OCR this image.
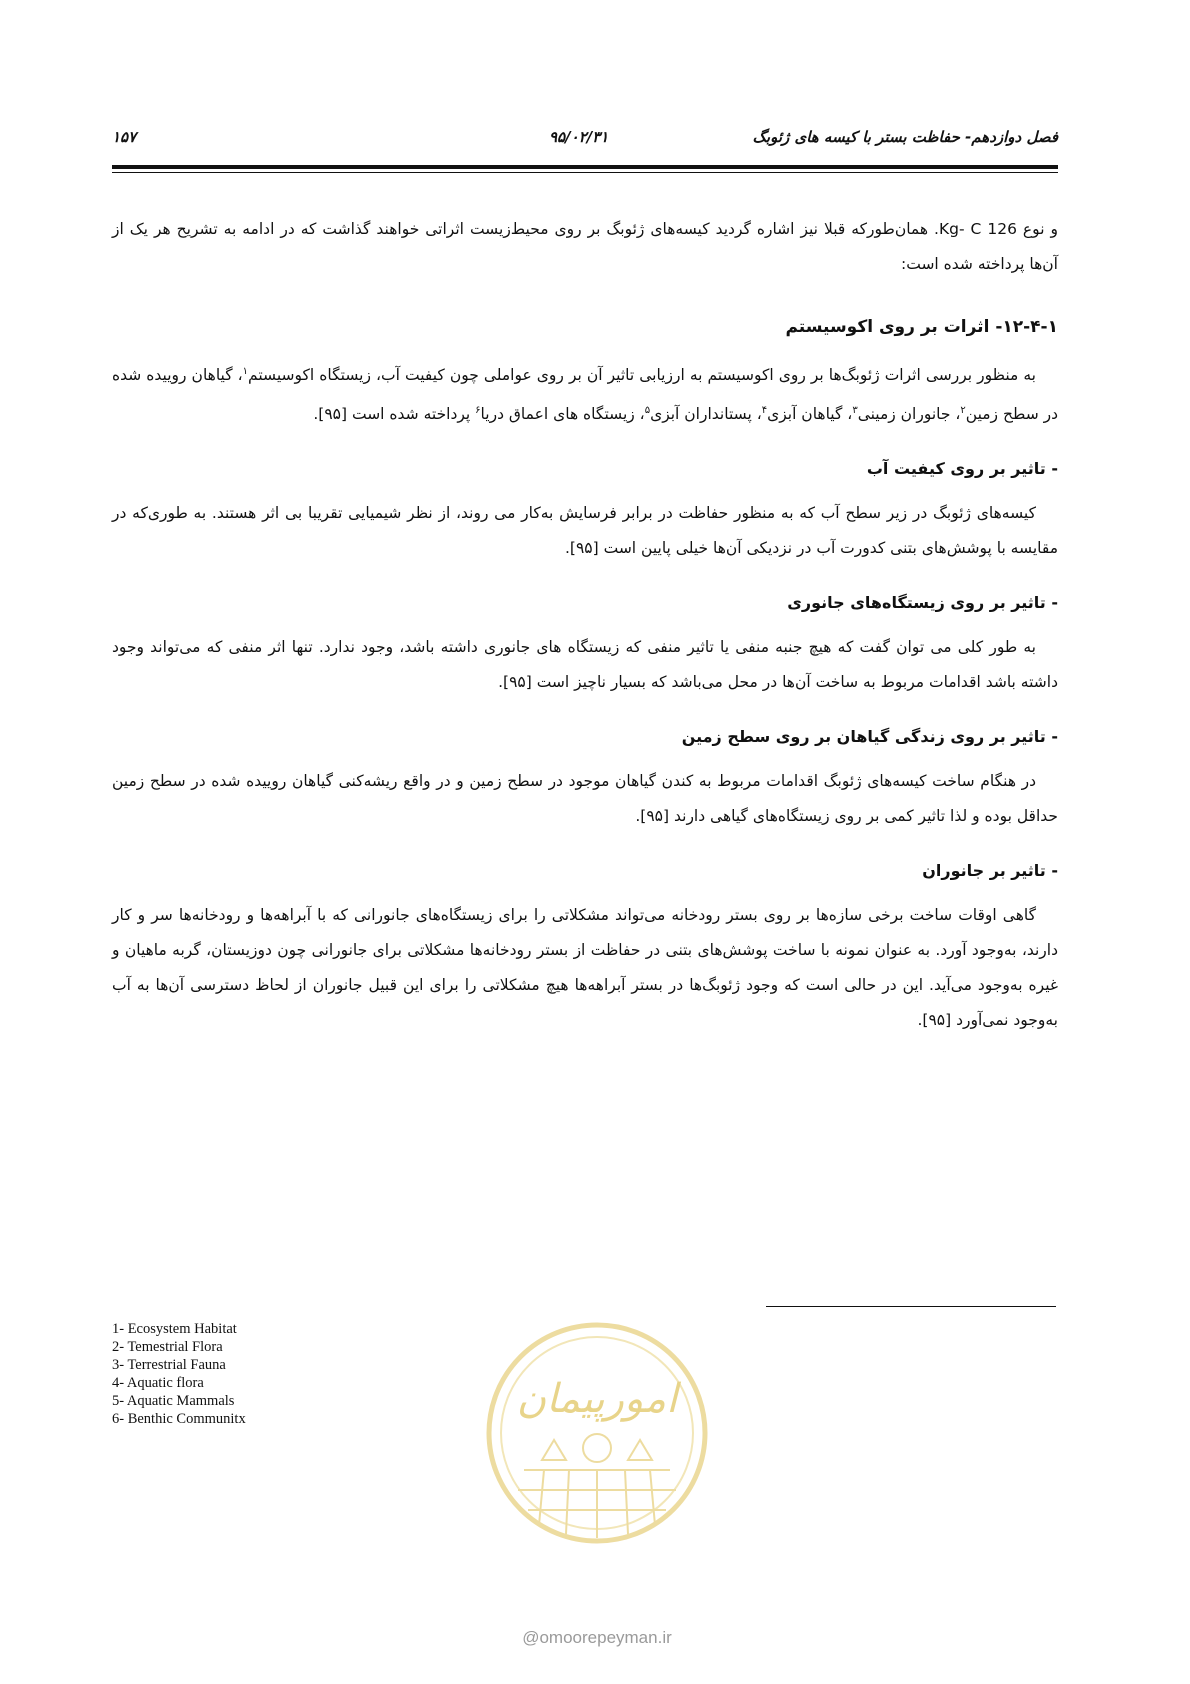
۱۵۷	۹۵/۰۲/۳۱	فصل دوازدهم- حفاظت بستر با کیسه های ژئوبگ

و نوع 126 Kg- C. همان‌طورکه قبلا نیز اشاره گردید کیسه‌های ژئوبگ بر روی محیط‌زیست اثراتی خواهند گذاشت که در ادامه به تشریح هر یک از آن‌ها پرداخته شده است:

۱۲-۴-۱- اثرات بر روی اکوسیستم

به منظور بررسی اثرات ژئوبگ‌ها بر روی اکوسیستم به ارزیابی تاثیر آن بر روی عواملی چون کیفیت آب، زیستگاه اکوسیستم$^۱$، گیاهان روییده شده در سطح زمین$^۲$، جانوران زمینی$^۳$، گیاهان آبزی$^۴$، پستانداران آبزی$^۵$، زیستگاه های اعماق دریا$^۶$ پرداخته شده است [۹۵].

- تاثیر بر روی کیفیت آب

کیسه‌های ژئوبگ در زیر سطح آب که به منظور حفاظت در برابر فرسایش به‌کار می روند، از نظر شیمیایی تقریبا بی اثر هستند. به طوری‌که در مقایسه با پوشش‌های بتنی کدورت آب در نزدیکی آن‌ها خیلی پایین است [۹۵].

- تاثیر بر روی زیستگاه‌های جانوری

به طور کلی می توان گفت که هیچ جنبه منفی یا تاثیر منفی که زیستگاه های جانوری داشته باشد، وجود ندارد. تنها اثر منفی که می‌تواند وجود داشته باشد اقدامات مربوط به ساخت آن‌ها در محل می‌باشد که بسیار ناچیز است [۹۵].

- تاثیر بر روی زندگی گیاهان بر روی سطح زمین

در هنگام ساخت کیسه‌های ژئوبگ اقدامات مربوط به کندن گیاهان موجود در سطح زمین و در واقع ریشه‌کنی گیاهان روییده شده در سطح زمین حداقل بوده و لذا تاثیر کمی بر روی زیستگاه‌های گیاهی دارند [۹۵].

- تاثیر بر جانوران

گاهی اوقات ساخت برخی سازه‌ها بر روی بستر رودخانه می‌تواند مشکلاتی را برای زیستگاه‌های جانورانی که با آبراهه‌ها و رودخانه‌ها سر و کار دارند، به‌وجود آورد. به عنوان نمونه با ساخت پوشش‌های بتنی در حفاظت از بستر رودخانه‌ها مشکلاتی برای جانورانی چون دوزیستان، گربه ماهیان و غیره به‌وجود می‌آید. این در حالی است که وجود ژئوبگ‌ها در بستر آبراهه‌ها هیچ مشکلاتی را برای این قبیل جانوران از لحاظ دسترسی آن‌ها به آب به‌وجود نمی‌آورد [۹۵].

1- Ecosystem Habitat
2- Temestrial Flora
3- Terrestrial Fauna
4- Aquatic flora
5- Aquatic Mammals
6- Benthic Communitx	امورپیمان
@omoorepeyman.ir
